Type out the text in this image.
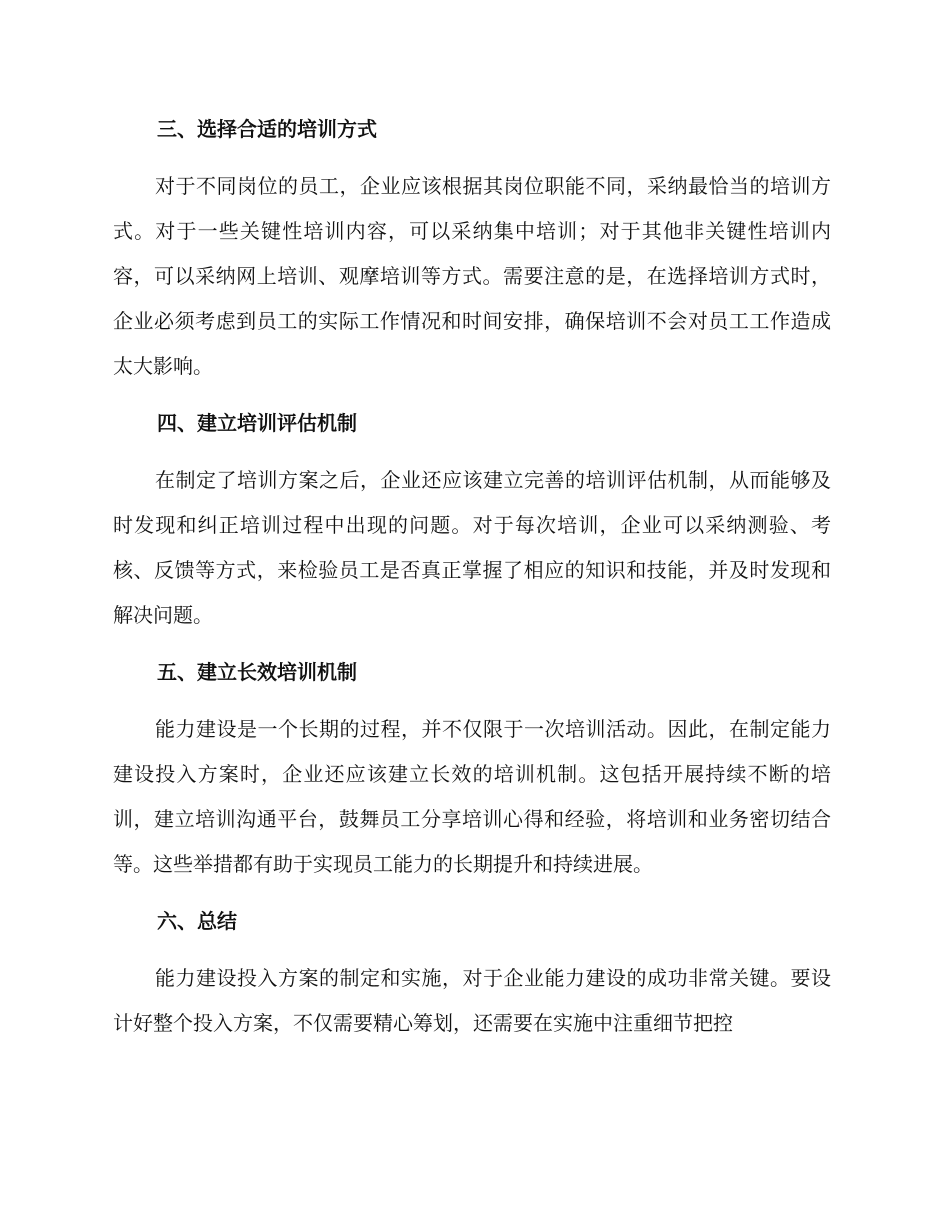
三、选择合适的培训方式

对于不同岗位的员工，企业应该根据其岗位职能不同，采纳最恰当的培训方式。对于一些关键性培训内容，可以采纳集中培训；对于其他非关键性培训内容，可以采纳网上培训、观摩培训等方式。需要注意的是，在选择培训方式时，企业必须考虑到员工的实际工作情况和时间安排，确保培训不会对员工工作造成太大影响。

四、建立培训评估机制

在制定了培训方案之后，企业还应该建立完善的培训评估机制，从而能够及时发现和纠正培训过程中出现的问题。对于每次培训，企业可以采纳测验、考核、反馈等方式，来检验员工是否真正掌握了相应的知识和技能，并及时发现和解决问题。

五、建立长效培训机制

能力建设是一个长期的过程，并不仅限于一次培训活动。因此，在制定能力建设投入方案时，企业还应该建立长效的培训机制。这包括开展持续不断的培训，建立培训沟通平台，鼓舞员工分享培训心得和经验，将培训和业务密切结合等。这些举措都有助于实现员工能力的长期提升和持续进展。

六、总结

能力建设投入方案的制定和实施，对于企业能力建设的成功非常关键。要设计好整个投入方案，不仅需要精心筹划，还需要在实施中注重细节把控
